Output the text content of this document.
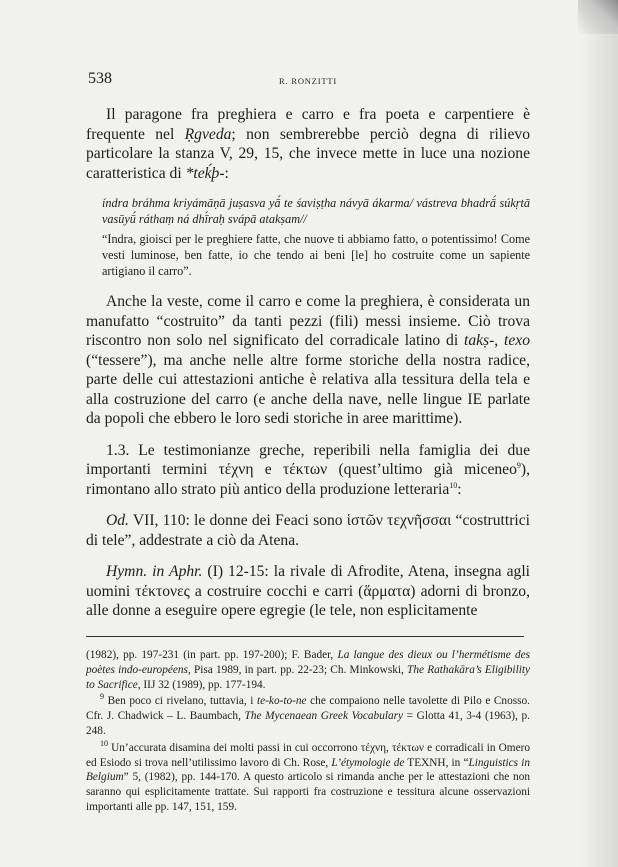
538	R. RONZITTI

Il paragone fra preghiera e carro e fra poeta e carpentiere è frequente nel Ṛgveda; non sembrerebbe perciò degna di rilievo particolare la stanza V, 29, 15, che invece mette in luce una nozione caratteristica di *teḱþ-:

índra bráhma kriyámāṇā juṣasva yā́ te śaviṣṭha návyā ákarma/ vástreva bhadrā́ súkṛtā vasūyū́ ráthaṃ ná dhī́raḥ svápā atakṣam//

“Indra, gioisci per le preghiere fatte, che nuove ti abbiamo fatto, o potentissimo! Come vesti luminose, ben fatte, io che tendo ai beni [le] ho costruite come un sapiente artigiano il carro”.

Anche la veste, come il carro e come la preghiera, è considerata un manufatto “costruito” da tanti pezzi (fili) messi insieme. Ciò trova riscontro non solo nel significato del corradicale latino di takṣ-, texo (“tessere”), ma anche nelle altre forme storiche della nostra radice, parte delle cui attestazioni antiche è relativa alla tessitura della tela e alla costruzione del carro (e anche della nave, nelle lingue IE parlate da popoli che ebbero le loro sedi storiche in aree marittime).

1.3. Le testimonianze greche, reperibili nella famiglia dei due importanti termini τέχνη e τέκτων (quest’ultimo già miceneo$^9$), rimontano allo strato più antico della produzione letteraria$^{10}$:

Od. VII, 110: le donne dei Feaci sono ἱστῶν τεχνῆσσαι “costruttrici di tele”, addestrate a ciò da Atena.

Hymn. in Aphr. (I) 12-15: la rivale di Afrodite, Atena, insegna agli uomini τέκτονες a costruire cocchi e carri (ἅρματα) adorni di bronzo, alle donne a eseguire opere egregie (le tele, non esplicitamente

(1982), pp. 197-231 (in part. pp. 197-200); F. Bader, La langue des dieux ou l’hermétisme des poètes indo-européens, Pisa 1989, in part. pp. 22-23; Ch. Minkowski, The Rathakāra’s Eligibility to Sacrifice, IIJ 32 (1989), pp. 177-194.

$^9$ Ben poco ci rivelano, tuttavia, i te-ko-to-ne che compaiono nelle tavolette di Pilo e Cnosso. Cfr. J. Chadwick – L. Baumbach, The Mycenaean Greek Vocabulary = Glotta 41, 3-4 (1963), p. 248.

$^{10}$ Un’accurata disamina dei molti passi in cui occorrono τέχνη, τέκτων e corradicali in Omero ed Esiodo si trova nell’utilissimo lavoro di Ch. Rose, L’étymologie de TEXNH, in “Linguistics in Belgium” 5, (1982), pp. 144-170. A questo articolo si rimanda anche per le attestazioni che non saranno qui esplicitamente trattate. Sui rapporti fra costruzione e tessitura alcune osservazioni importanti alle pp. 147, 151, 159.
